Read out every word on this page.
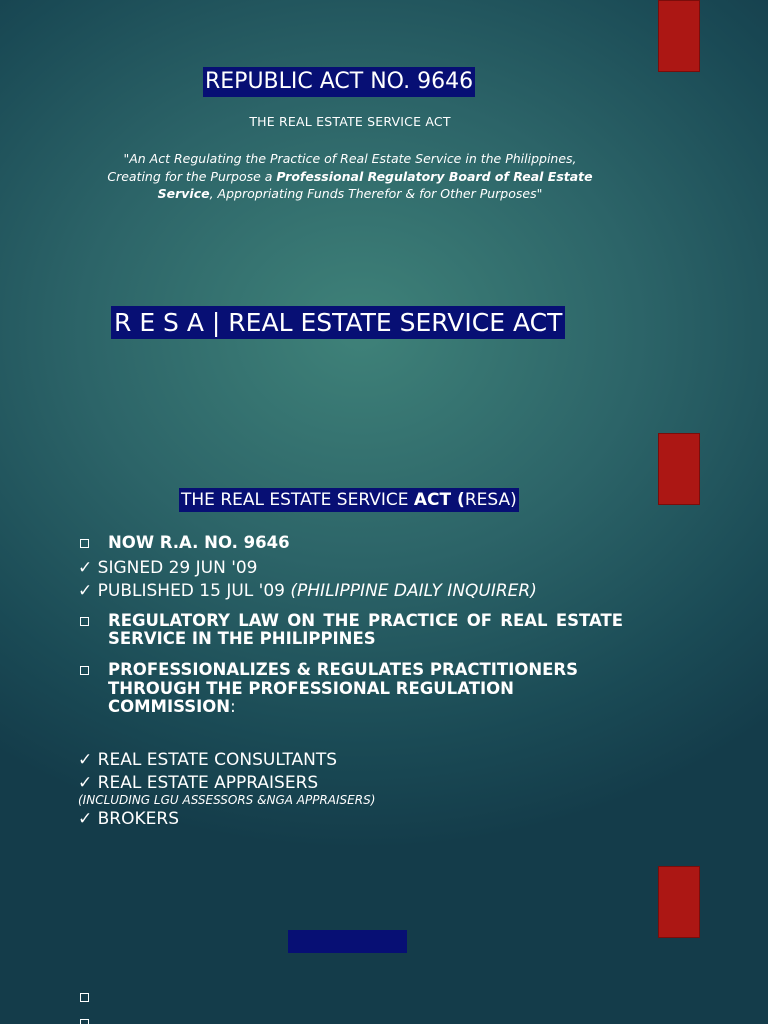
REPUBLIC ACT NO. 9646
THE REAL ESTATE SERVICE ACT
"An Act Regulating the Practice of Real Estate Service in the Philippines, Creating for the Purpose a Professional Regulatory Board of Real Estate Service, Appropriating Funds Therefor & for Other Purposes"
R E S A | REAL ESTATE SERVICE ACT
THE REAL ESTATE SERVICE ACT (RESA)
NOW R.A. NO. 9646
✓ SIGNED 29 JUN '09
✓ PUBLISHED 15 JUL '09 (PHILIPPINE DAILY INQUIRER)
REGULATORY LAW ON THE PRACTICE OF REAL ESTATE
SERVICE IN THE PHILIPPINES
PROFESSIONALIZES & REGULATES PRACTITIONERS
THROUGH THE PROFESSIONAL REGULATION
COMMISSION:
✓ REAL ESTATE CONSULTANTS
✓ REAL ESTATE APPRAISERS
(INCLUDING LGU ASSESSORS &NGA APPRAISERS)
✓ BROKERS
